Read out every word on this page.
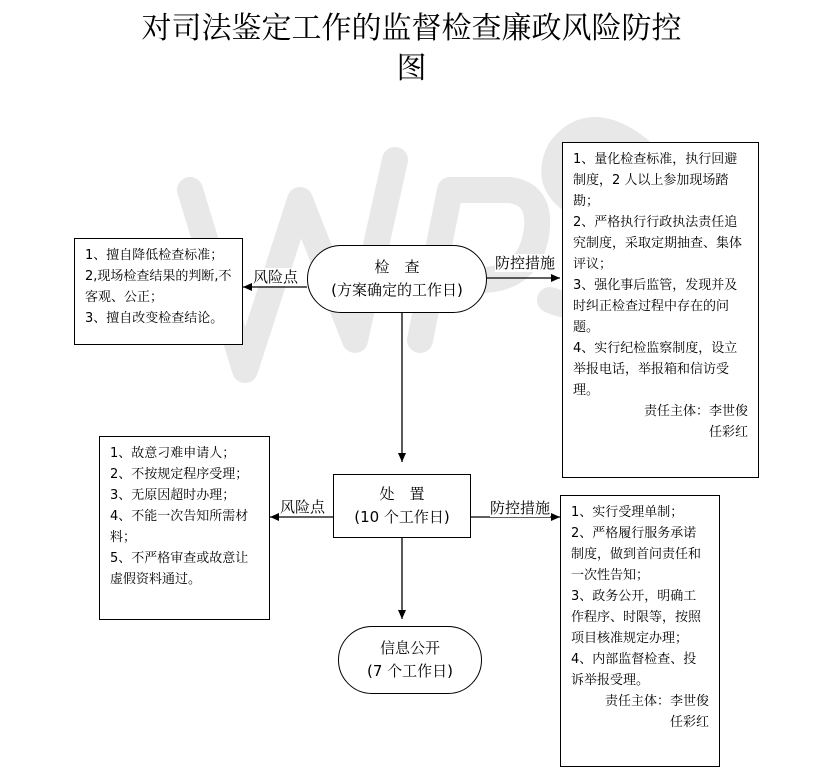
对司法鉴定工作的监督检查廉政风险防控
图
检　查
(方案确定的工作日)
处　置
(10 个工作日)
信息公开
(7 个工作日)
风险点
防控措施
风险点	防控措施
1、擅自降低检查标准；
2,现场检查结果的判断,不客观、公正；
3、擅自改变检查结论。
1、量化检查标准，执行回避制度，2 人以上参加现场踏勘；
2、严格执行行政执法责任追究制度，采取定期抽查、集体评议；
3、强化事后监管，发现并及时纠正检查过程中存在的问题。
4、实行纪检监察制度，设立举报电话，举报箱和信访受理。
责任主体：李世俊
任彩红
1、故意刁难申请人；
2、不按规定程序受理；
3、无原因超时办理；
4、不能一次告知所需材料；
5、不严格审查或故意让虚假资料通过。
1、实行受理单制；
2、严格履行服务承诺制度，做到首问责任和一次性告知；
3、政务公开，明确工作程序、时限等，按照项目核准规定办理；
4、内部监督检查、投诉举报受理。
责任主体：李世俊
任彩红
